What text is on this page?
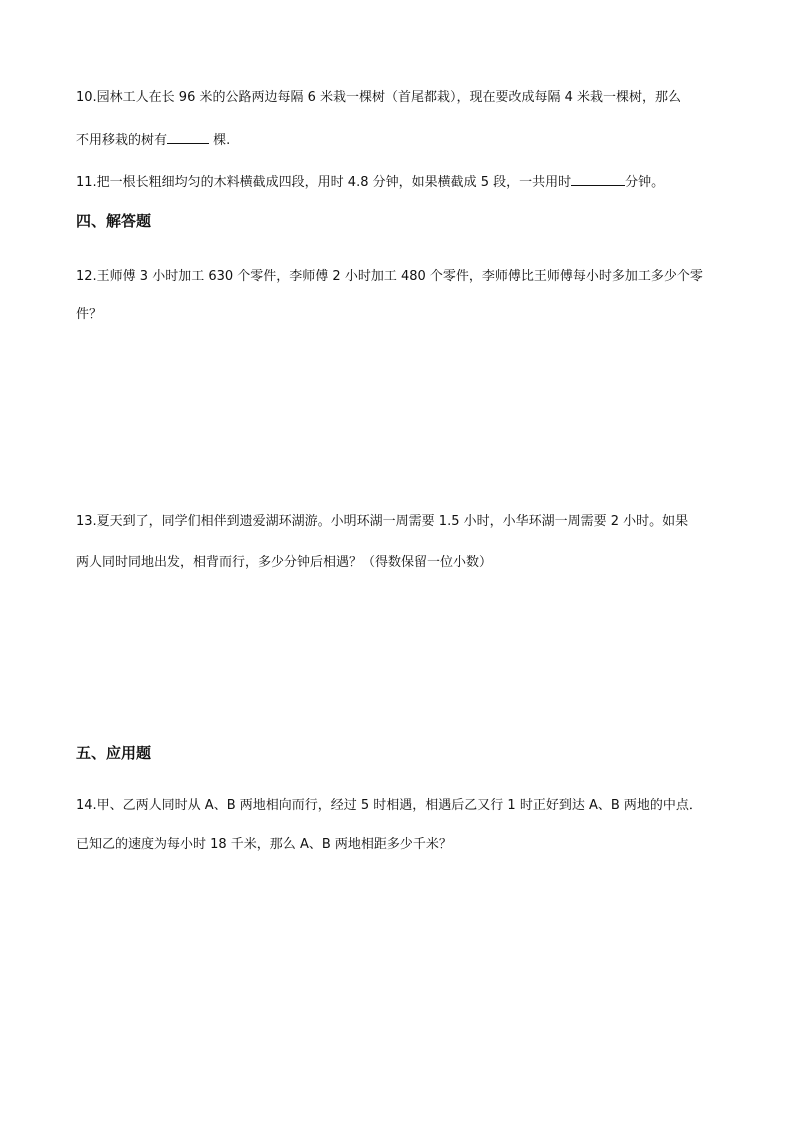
10.园林工人在长 96 米的公路两边每隔 6 米栽一棵树（首尾都栽），现在要改成每隔 4 米栽一棵树，那么
不用移栽的树有	棵.
11.把一根长粗细均匀的木料横截成四段，用时 4.8 分钟，如果横截成 5 段，一共用时	分钟。
四、解答题
12.王师傅 3 小时加工 630 个零件，李师傅 2 小时加工 480 个零件，李师傅比王师傅每小时多加工多少个零
件？
13.夏天到了，同学们相伴到遗爱湖环湖游。小明环湖一周需要 1.5 小时，小华环湖一周需要 2 小时。如果
两人同时同地出发，相背而行，多少分钟后相遇？（得数保留一位小数）
五、应用题
14.甲、乙两人同时从 A、B 两地相向而行，经过 5 时相遇，相遇后乙又行 1 时正好到达 A、B 两地的中点．
已知乙的速度为每小时 18 千米，那么 A、B 两地相距多少千米？
